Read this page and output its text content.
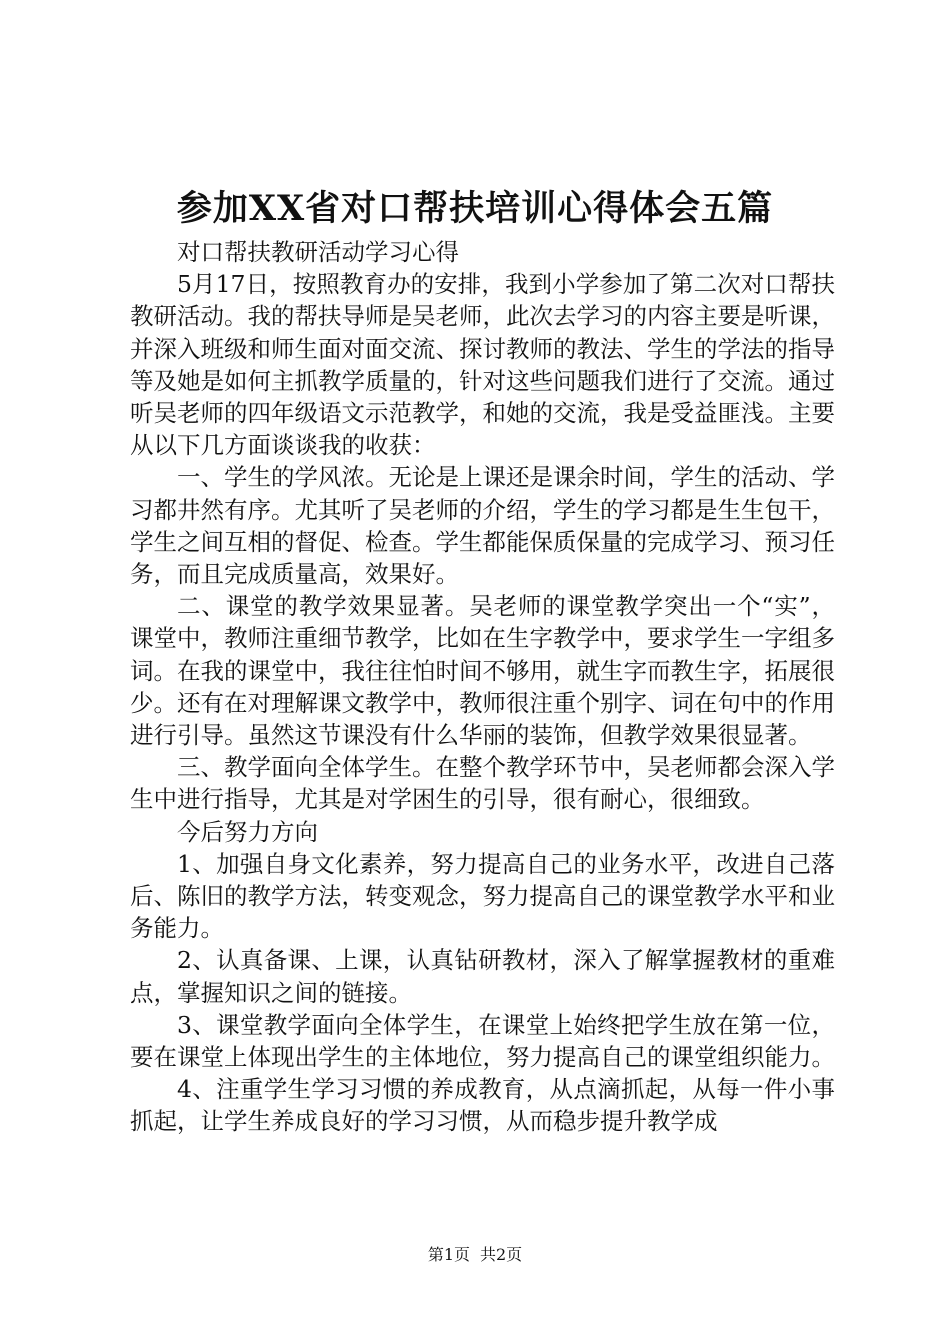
参加XX省对口帮扶培训心得体会五篇

对口帮扶教研活动学习心得

5月17日，按照教育办的安排，我到小学参加了第二次对口帮扶教研活动。我的帮扶导师是吴老师，此次去学习的内容主要是听课，并深入班级和师生面对面交流、探讨教师的教法、学生的学法的指导等及她是如何主抓教学质量的，针对这些问题我们进行了交流。通过听吴老师的四年级语文示范教学，和她的交流，我是受益匪浅。主要从以下几方面谈谈我的收获：

一、学生的学风浓。无论是上课还是课余时间，学生的活动、学习都井然有序。尤其听了吴老师的介绍，学生的学习都是生生包干，学生之间互相的督促、检查。学生都能保质保量的完成学习、预习任务，而且完成质量高，效果好。

二、课堂的教学效果显著。吴老师的课堂教学突出一个“实”，课堂中，教师注重细节教学，比如在生字教学中，要求学生一字组多词。在我的课堂中，我往往怕时间不够用，就生字而教生字，拓展很少。还有在对理解课文教学中，教师很注重个别字、词在句中的作用进行引导。虽然这节课没有什么华丽的装饰，但教学效果很显著。

三、教学面向全体学生。在整个教学环节中，吴老师都会深入学生中进行指导，尤其是对学困生的引导，很有耐心，很细致。

今后努力方向

1、加强自身文化素养，努力提高自己的业务水平，改进自己落后、陈旧的教学方法，转变观念，努力提高自己的课堂教学水平和业务能力。

2、认真备课、上课，认真钻研教材，深入了解掌握教材的重难点，掌握知识之间的链接。

3、课堂教学面向全体学生，在课堂上始终把学生放在第一位，要在课堂上体现出学生的主体地位，努力提高自己的课堂组织能力。

4、注重学生学习习惯的养成教育，从点滴抓起，从每一件小事抓起，让学生养成良好的学习习惯，从而稳步提升教学成

第1页 共2页
